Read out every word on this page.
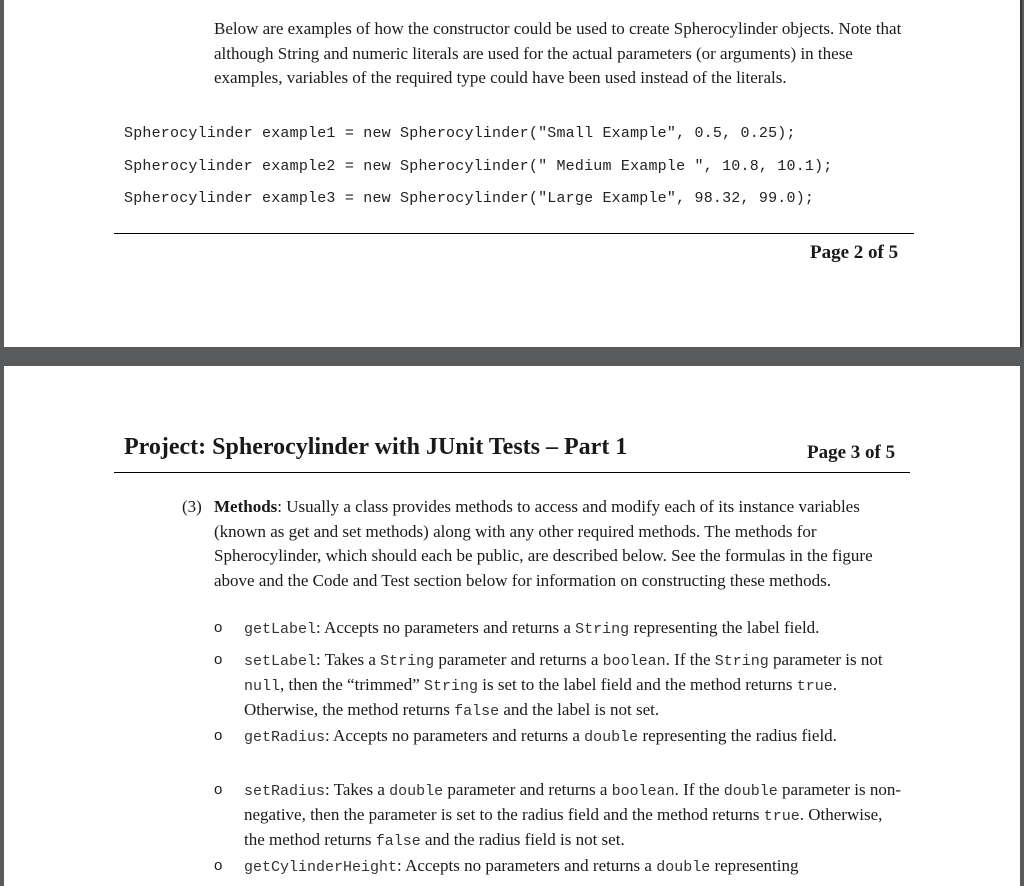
Below are examples of how the constructor could be used to create Spherocylinder objects. Note that although String and numeric literals are used for the actual parameters (or arguments) in these examples, variables of the required type could have been used instead of the literals.

Spherocylinder example1 = new Spherocylinder("Small Example", 0.5, 0.25);
Spherocylinder example2 = new Spherocylinder(" Medium Example ", 10.8, 10.1);
Spherocylinder example3 = new Spherocylinder("Large Example", 98.32, 99.0);
Page 2 of 5
Project: Spherocylinder with JUnit Tests – Part 1	Page 3 of 5
(3) Methods: Usually a class provides methods to access and modify each of its instance variables (known as get and set methods) along with any other required methods. The methods for Spherocylinder, which should each be public, are described below. See the formulas in the figure above and the Code and Test section below for information on constructing these methods.
o getLabel: Accepts no parameters and returns a String representing the label field.
o setLabel: Takes a String parameter and returns a boolean. If the String parameter is not null, then the “trimmed” String is set to the label field and the method returns true. Otherwise, the method returns false and the label is not set.
o getRadius: Accepts no parameters and returns a double representing the radius field.
o setRadius: Takes a double parameter and returns a boolean. If the double parameter is non-negative, then the parameter is set to the radius field and the method returns true. Otherwise, the method returns false and the radius field is not set.
o getCylinderHeight: Accepts no parameters and returns a double representing
